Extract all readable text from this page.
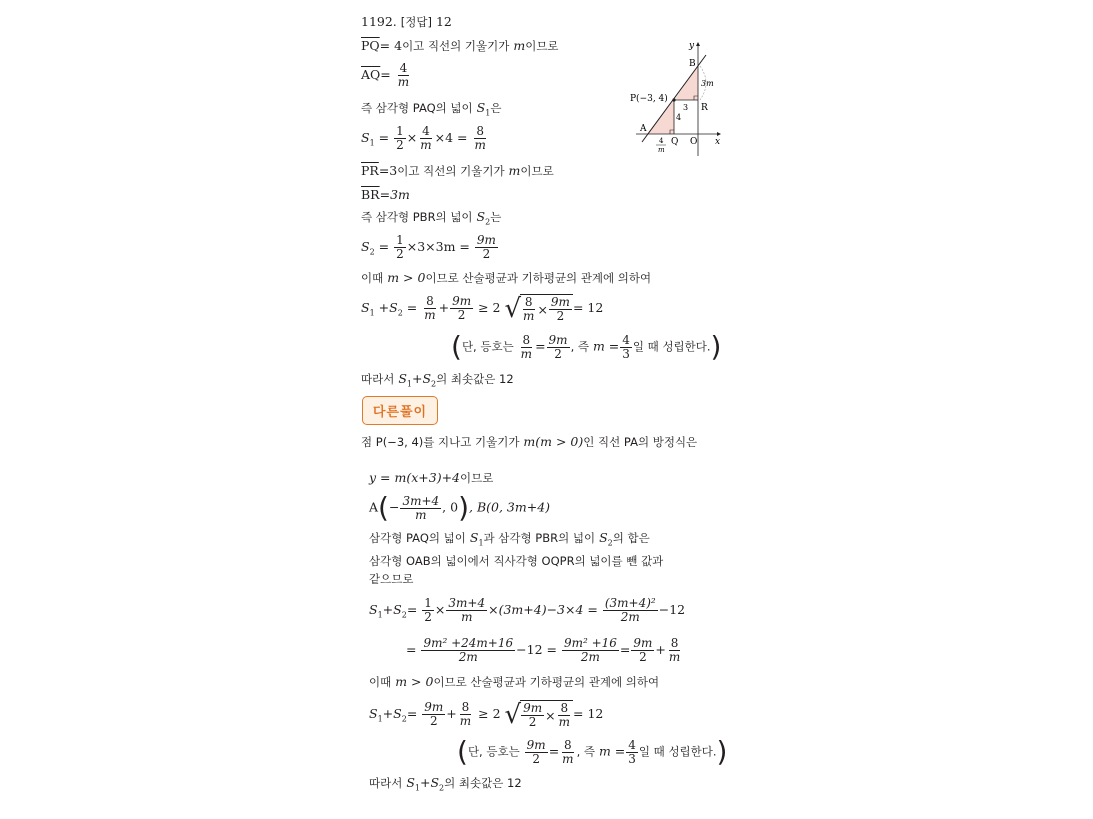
1192. [정답] 12
$\overline{PQ}= 4$이고 직선의 기울기가 m이므로
$\overline{AQ}= \frac{4}{m}$
즉 삼각형 PAQ의 넓이 $S_1$은
$S_1 = \frac{1}{2} \times \frac{4}{m} \times 4 = \frac{8}{m}$
$\overline{PR}=3$이고 직선의 기울기가 m이므로
$\overline{BR}=3m$
즉 삼각형 PBR의 넓이 $S_2$는
$S_2 = \frac{1}{2} \times 3\times 3m = \frac{9m}{2}$
이때 m > 0이므로 산술평균과 기하평균의 관계에 의하여
$S_1 +S_2 = \frac{8}{m} + \frac{9m}{2} \ge 2$ √ $\frac{8}{m} \times \frac{9m}{2} = 12$
(단, 등호는 $\frac{8}{m} = \frac{9m}{2}$ , 즉 $m = \frac{4}{3}$ 일 때 성립한다.)
따라서 $S_1+S_2$의 최솟값은 12
다른풀이
점 P(−3, 4)를 지나고 기울기가 m(m > 0)인 직선 PA의 방정식은
y = m(x+3)+4이므로
$A(- \frac{3m+4}{m}$ , 0), B(0, 3m+4)
삼각형 PAQ의 넓이 $S_1$과 삼각형 PBR의 넓이 $S_2$의 합은
삼각형 OAB의 넓이에서 직사각형 OQPR의 넓이를 뺀 값과
같으므로
$S_1+S_2= \frac{1}{2} \times \frac{3m+4}{m} \times(3m+4)-3\times 4 = \frac{\text{(3m+4)²}}{2m} -12$
= $\frac{\text{9m² +24m+16}}{2m} -12 = \frac{\text{9m² +16}}{2m} = \frac{9m}{2} + \frac{8}{m}$
이때 m > 0이므로 산술평균과 기하평균의 관계에 의하여
$S_1+S_2= \frac{9m}{2} + \frac{8}{m} \ge 2$ √ $\frac{9m}{2} \times \frac{8}{m} = 12$
(단, 등호는 $\frac{9m}{2} = \frac{8}{m}$ , 즉 $m = \frac{4}{3}$ 일 때 성립한다.)
따라서 $S_1+S_2$의 최솟값은 12
y
x
B
P(−3, 4)
A
Q O
R
3
4
3m
4
m
